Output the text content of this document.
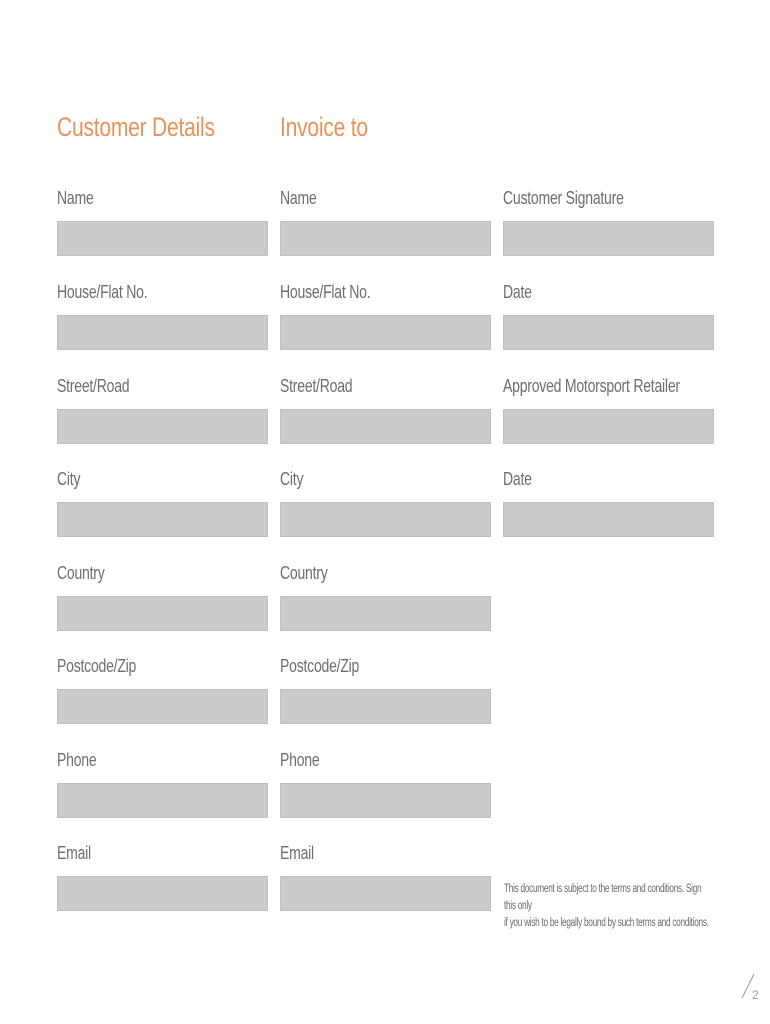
Customer Details Invoice to
Name
House/Flat No.
Street/Road
City
Country
Postcode/Zip
Phone
Email
Name
House/Flat No.
Street/Road
City
Country
Postcode/Zip
Phone
Email
Customer Signature
Date
Approved Motorsport Retailer
Date
This document is subject to the terms and conditions. Sign this only
if you wish to be legally bound by such terms and conditions.
2
